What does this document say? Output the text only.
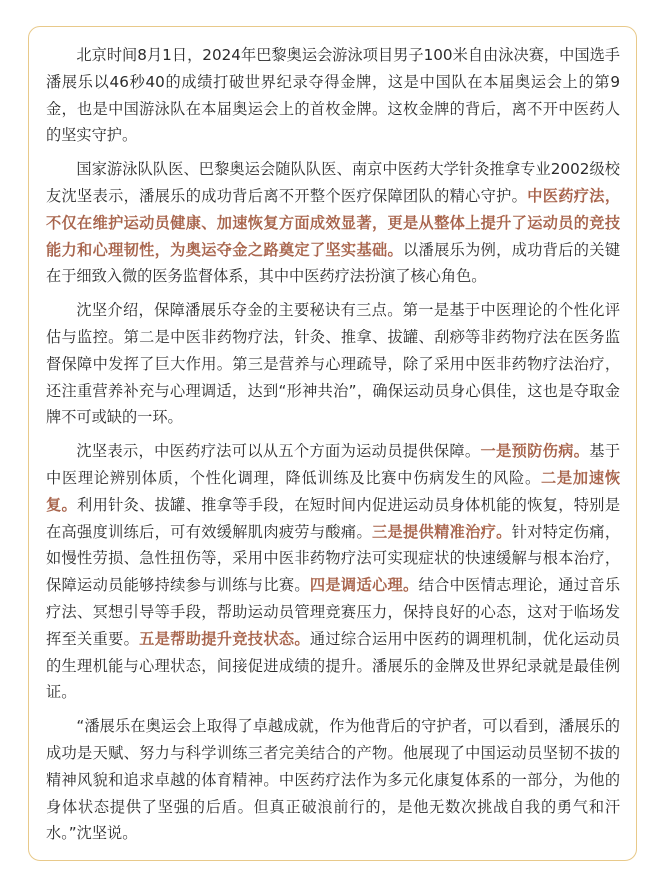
北京时间8月1日，2024年巴黎奥运会游泳项目男子100米自由泳决赛，中国选手潘展乐以46秒40的成绩打破世界纪录夺得金牌，这是中国队在本届奥运会上的第9金，也是中国游泳队在本届奥运会上的首枚金牌。这枚金牌的背后，离不开中医药人的坚实守护。

国家游泳队队医、巴黎奥运会随队队医、南京中医药大学针灸推拿专业2002级校友沈坚表示，潘展乐的成功背后离不开整个医疗保障团队的精心守护。中医药疗法，不仅在维护运动员健康、加速恢复方面成效显著，更是从整体上提升了运动员的竞技能力和心理韧性，为奥运夺金之路奠定了坚实基础。以潘展乐为例，成功背后的关键在于细致入微的医务监督体系，其中中医药疗法扮演了核心角色。

沈坚介绍，保障潘展乐夺金的主要秘诀有三点。第一是基于中医理论的个性化评估与监控。第二是中医非药物疗法，针灸、推拿、拔罐、刮痧等非药物疗法在医务监督保障中发挥了巨大作用。第三是营养与心理疏导，除了采用中医非药物疗法治疗，还注重营养补充与心理调适，达到“形神共治”，确保运动员身心俱佳，这也是夺取金牌不可或缺的一环。

沈坚表示，中医药疗法可以从五个方面为运动员提供保障。一是预防伤病。基于中医理论辨别体质，个性化调理，降低训练及比赛中伤病发生的风险。二是加速恢复。利用针灸、拔罐、推拿等手段，在短时间内促进运动员身体机能的恢复，特别是在高强度训练后，可有效缓解肌肉疲劳与酸痛。三是提供精准治疗。针对特定伤痛，如慢性劳损、急性扭伤等，采用中医非药物疗法可实现症状的快速缓解与根本治疗，保障运动员能够持续参与训练与比赛。四是调适心理。结合中医情志理论，通过音乐疗法、冥想引导等手段，帮助运动员管理竞赛压力，保持良好的心态，这对于临场发挥至关重要。五是帮助提升竞技状态。通过综合运用中医药的调理机制，优化运动员的生理机能与心理状态，间接促进成绩的提升。潘展乐的金牌及世界纪录就是最佳例证。

“潘展乐在奥运会上取得了卓越成就，作为他背后的守护者，可以看到，潘展乐的成功是天赋、努力与科学训练三者完美结合的产物。他展现了中国运动员坚韧不拔的精神风貌和追求卓越的体育精神。中医药疗法作为多元化康复体系的一部分，为他的身体状态提供了坚强的后盾。但真正破浪前行的，是他无数次挑战自我的勇气和汗水。”沈坚说。
